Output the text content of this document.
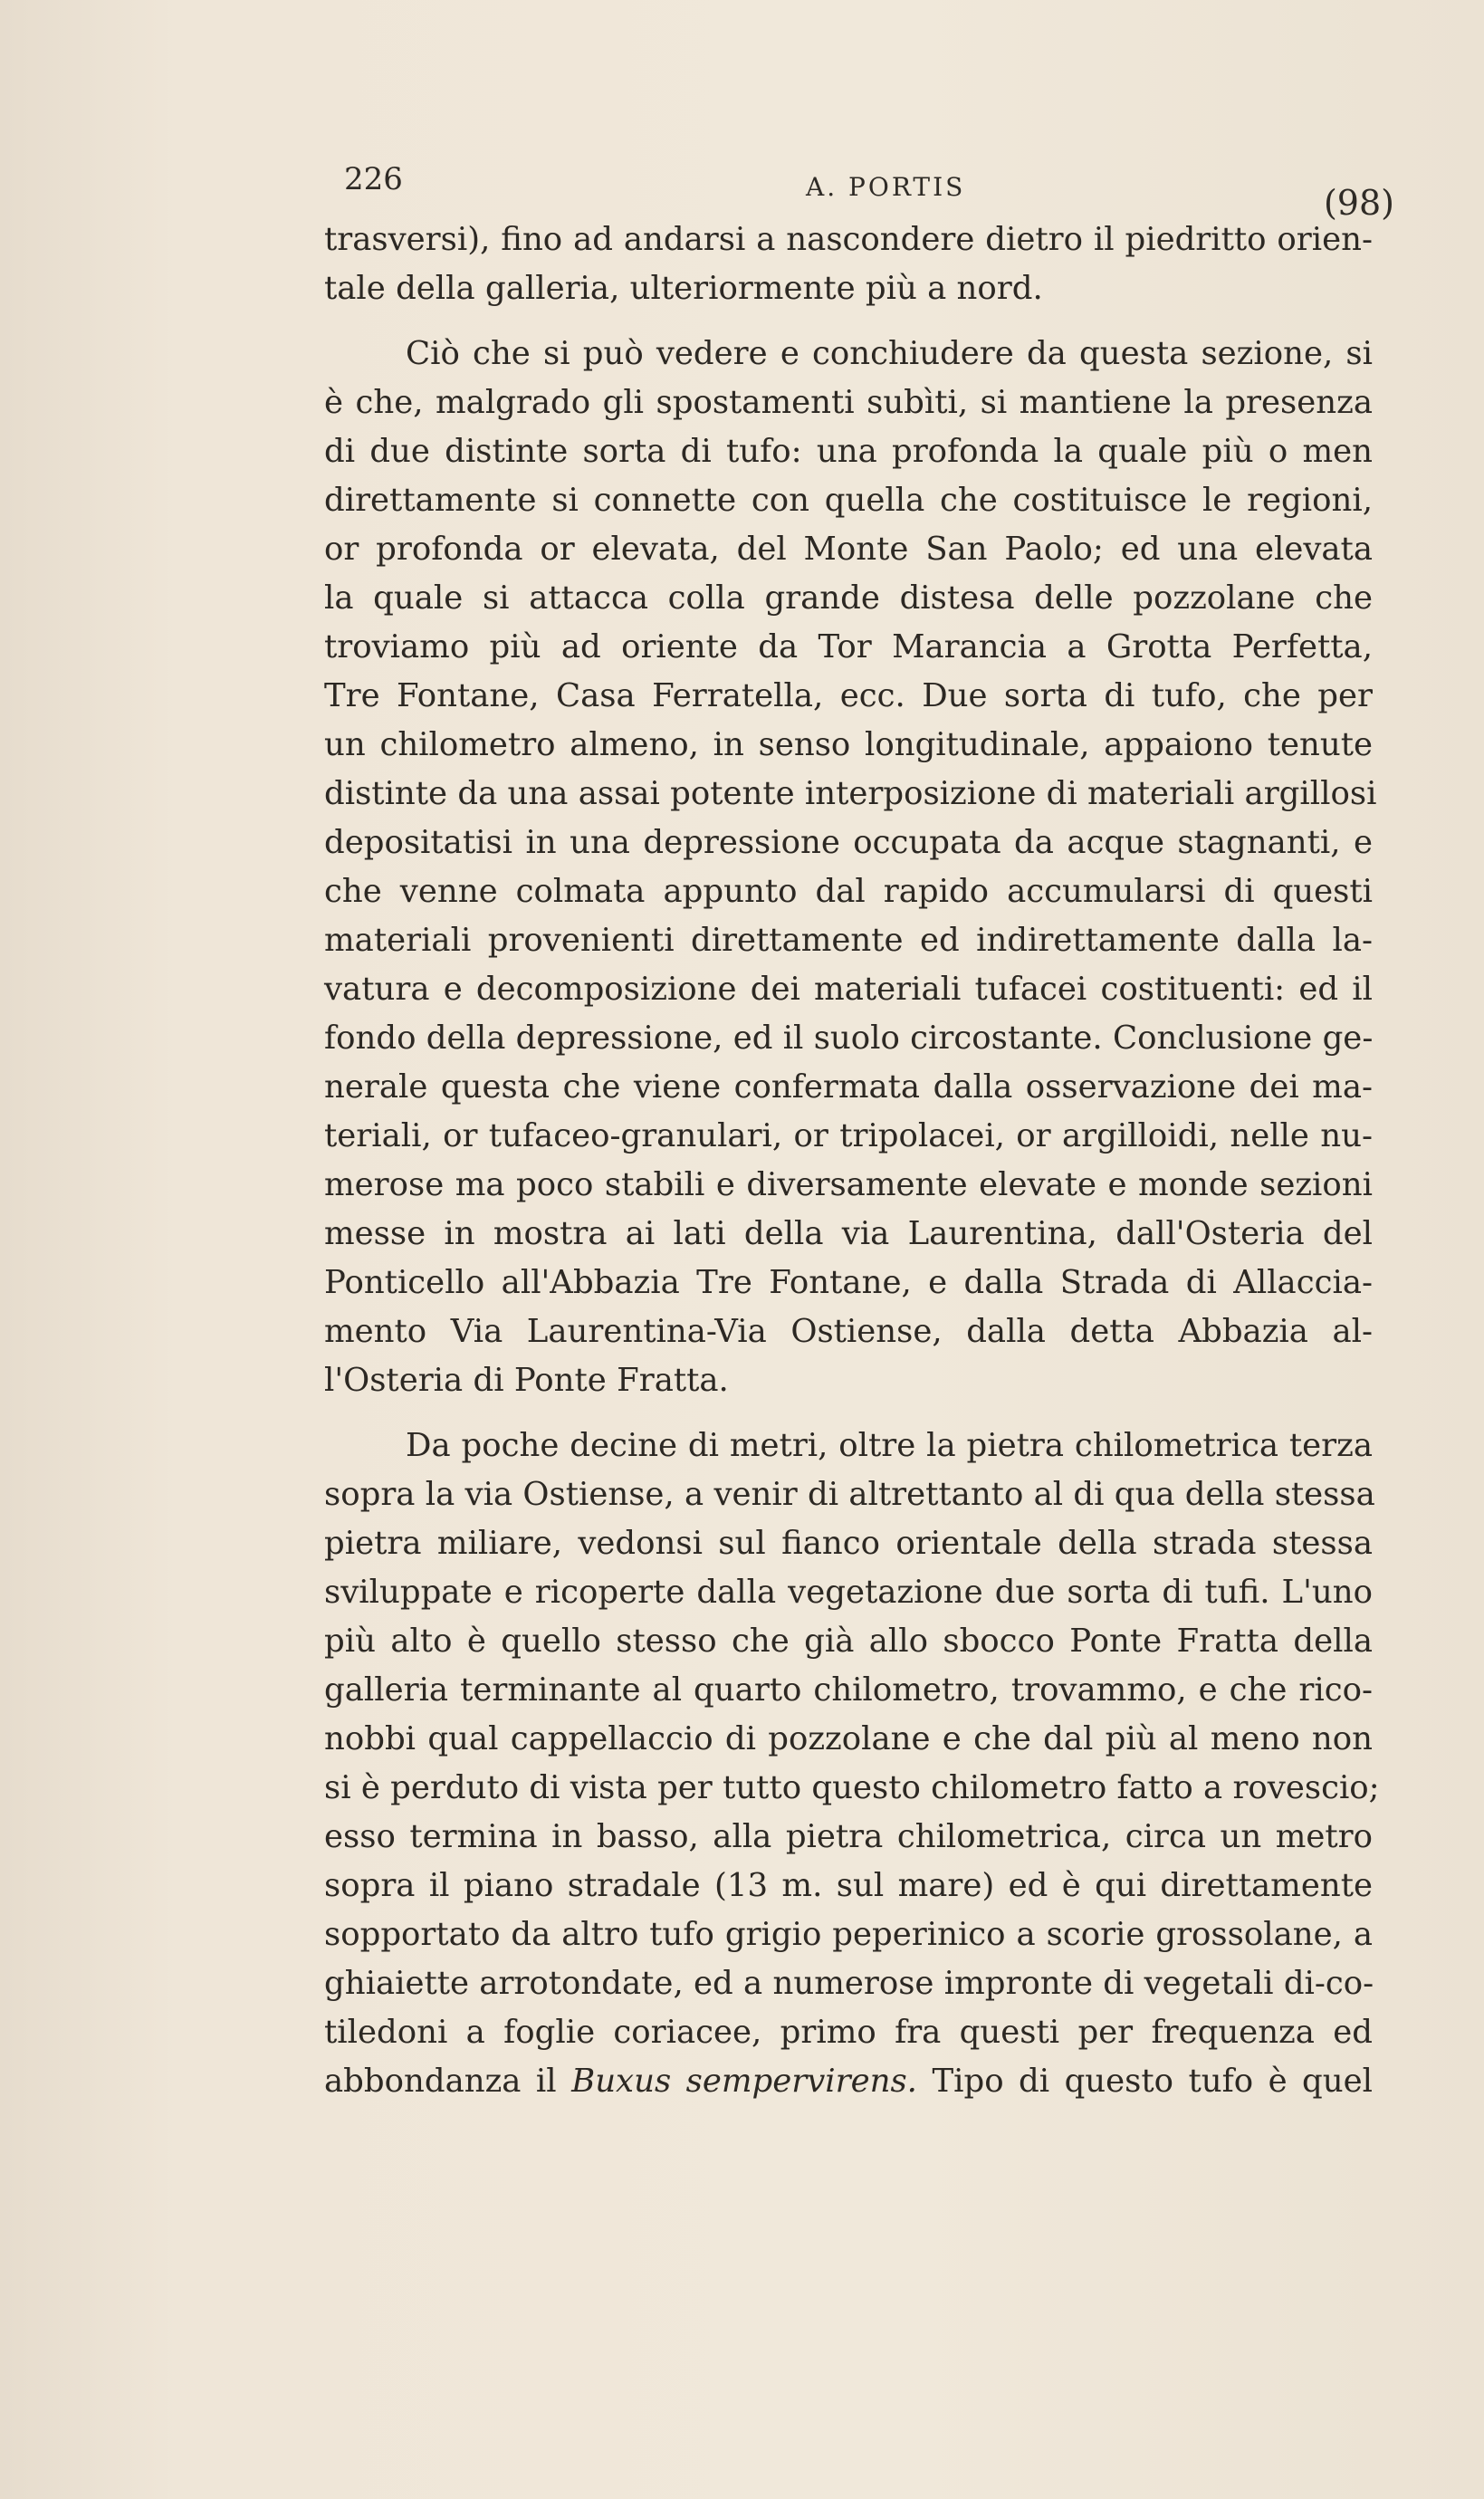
226	A. PORTIS	(98)
trasversi), fino ad andarsi a nascondere dietro il piedritto orien-
tale della galleria, ulteriormente più a nord.
Ciò che si può vedere e conchiudere da questa sezione, si
è che, malgrado gli spostamenti subìti, si mantiene la presenza
di due distinte sorta di tufo: una profonda la quale più o men
direttamente si connette con quella che costituisce le regioni,
or profonda or elevata, del Monte San Paolo; ed una elevata
la quale si attacca colla grande distesa delle pozzolane che
troviamo più ad oriente da Tor Marancia a Grotta Perfetta,
Tre Fontane, Casa Ferratella, ecc. Due sorta di tufo, che per
un chilometro almeno, in senso longitudinale, appaiono tenute
distinte da una assai potente interposizione di materiali argillosi
depositatisi in una depressione occupata da acque stagnanti, e
che venne colmata appunto dal rapido accumularsi di questi
materiali provenienti direttamente ed indirettamente dalla la-
vatura e decomposizione dei materiali tufacei costituenti: ed il
fondo della depressione, ed il suolo circostante. Conclusione ge-
nerale questa che viene confermata dalla osservazione dei ma-
teriali, or tufaceo-granulari, or tripolacei, or argilloidi, nelle nu-
merose ma poco stabili e diversamente elevate e monde sezioni
messe in mostra ai lati della via Laurentina, dall'Osteria del
Ponticello all'Abbazia Tre Fontane, e dalla Strada di Allaccia-
mento Via Laurentina-Via Ostiense, dalla detta Abbazia al-
l'Osteria di Ponte Fratta.
Da poche decine di metri, oltre la pietra chilometrica terza
sopra la via Ostiense, a venir di altrettanto al di qua della stessa
pietra miliare, vedonsi sul fianco orientale della strada stessa
sviluppate e ricoperte dalla vegetazione due sorta di tufi. L'uno
più alto è quello stesso che già allo sbocco Ponte Fratta della
galleria terminante al quarto chilometro, trovammo, e che rico-
nobbi qual cappellaccio di pozzolane e che dal più al meno non
si è perduto di vista per tutto questo chilometro fatto a rovescio;
esso termina in basso, alla pietra chilometrica, circa un metro
sopra il piano stradale (13 m. sul mare) ed è qui direttamente
sopportato da altro tufo grigio peperinico a scorie grossolane, a
ghiaiette arrotondate, ed a numerose impronte di vegetali di-co-
tiledoni a foglie coriacee, primo fra questi per frequenza ed
abbondanza il Buxus sempervirens. Tipo di questo tufo è quel
